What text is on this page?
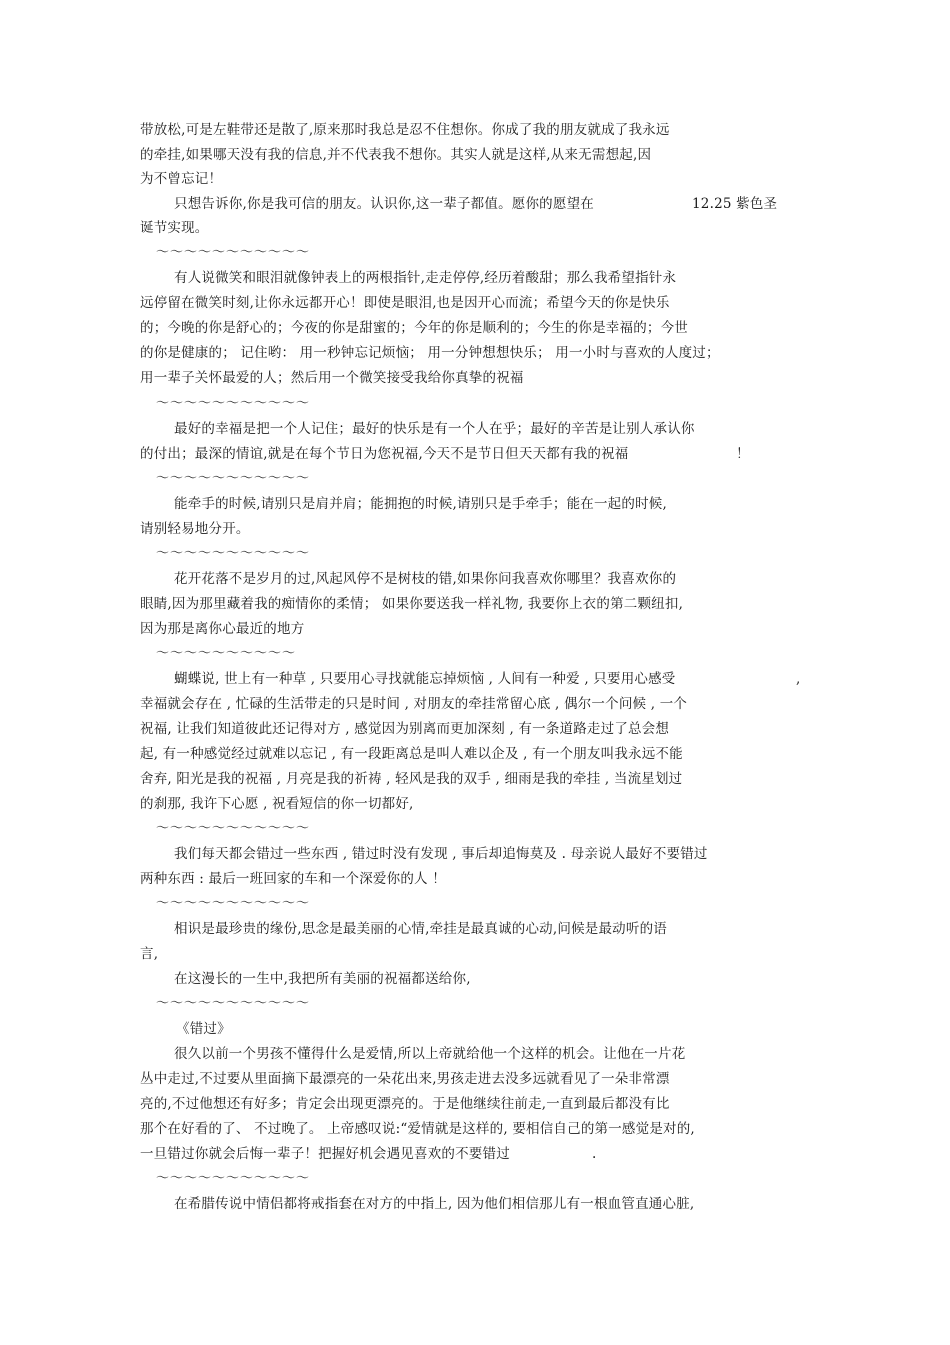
带放松,可是左鞋带还是散了,原来那时我总是忍不住想你。你成了我的朋友就成了我永远
的牵挂,如果哪天没有我的信息,并不代表我不想你。其实人就是这样,从来无需想起,因
为不曾忘记！
只想告诉你,你是我可信的朋友。认识你,这一辈子都值。愿你的愿望在	12.25 紫色圣
诞节实现。
～～～～～～～～～～～
有人说微笑和眼泪就像钟表上的两根指针,走走停停,经历着酸甜；那么我希望指针永
远停留在微笑时刻,让你永远都开心！即使是眼泪,也是因开心而流；希望今天的你是快乐
的；今晚的你是舒心的；今夜的你是甜蜜的；今年的你是顺利的；今生的你是幸福的；今世
的你是健康的； 记住哟： 用一秒钟忘记烦恼； 用一分钟想想快乐； 用一小时与喜欢的人度过；
用一辈子关怀最爱的人；然后用一个微笑接受我给你真挚的祝福
～～～～～～～～～～～
最好的幸福是把一个人记住；最好的快乐是有一个人在乎；最好的辛苦是让别人承认你
的付出；最深的情谊,就是在每个节日为您祝福,今天不是节日但天天都有我的祝福	！
～～～～～～～～～～～
能牵手的时候,请别只是肩并肩；能拥抱的时候,请别只是手牵手；能在一起的时候,
请别轻易地分开。
～～～～～～～～～～～
花开花落不是岁月的过,风起风停不是树枝的错,如果你问我喜欢你哪里？我喜欢你的
眼睛,因为那里藏着我的痴情你的柔情； 如果你要送我一样礼物, 我要你上衣的第二颗纽扣,
因为那是离你心最近的地方
～～～～～～～～～～
蝴蝶说, 世上有一种草 , 只要用心寻找就能忘掉烦恼 , 人间有一种爱 , 只要用心感受	,
幸福就会存在 , 忙碌的生活带走的只是时间 , 对朋友的牵挂常留心底 , 偶尔一个问候 , 一个
祝福, 让我们知道彼此还记得对方 , 感觉因为别离而更加深刻 , 有一条道路走过了总会想
起, 有一种感觉经过就难以忘记 , 有一段距离总是叫人难以企及 , 有一个朋友叫我永远不能
舍弃, 阳光是我的祝福 , 月亮是我的祈祷 , 轻风是我的双手 , 细雨是我的牵挂 , 当流星划过
的刹那, 我许下心愿 , 祝看短信的你一切都好,
～～～～～～～～～～～
我们每天都会错过一些东西 , 错过时没有发现 , 事后却追悔莫及 . 母亲说人最好不要错过
两种东西 : 最后一班回家的车和一个深爱你的人 ！
～～～～～～～～～～～
相识是最珍贵的缘份,思念是最美丽的心情,牵挂是最真诚的心动,问候是最动听的语
言,
在这漫长的一生中,我把所有美丽的祝福都送给你,
～～～～～～～～～～～
《错过》
很久以前一个男孩不懂得什么是爱情,所以上帝就给他一个这样的机会。让他在一片花
丛中走过,不过要从里面摘下最漂亮的一朵花出来,男孩走进去没多远就看见了一朵非常漂
亮的,不过他想还有好多；肯定会出现更漂亮的。于是他继续往前走,一直到最后都没有比
那个在好看的了、 不过晚了。 上帝感叹说:“爱情就是这样的, 要相信自己的第一感觉是对的,
一旦错过你就会后悔一辈子！把握好机会遇见喜欢的不要错过	.
～～～～～～～～～～～
在希腊传说中情侣都将戒指套在对方的中指上, 因为他们相信那儿有一根血管直通心脏,
